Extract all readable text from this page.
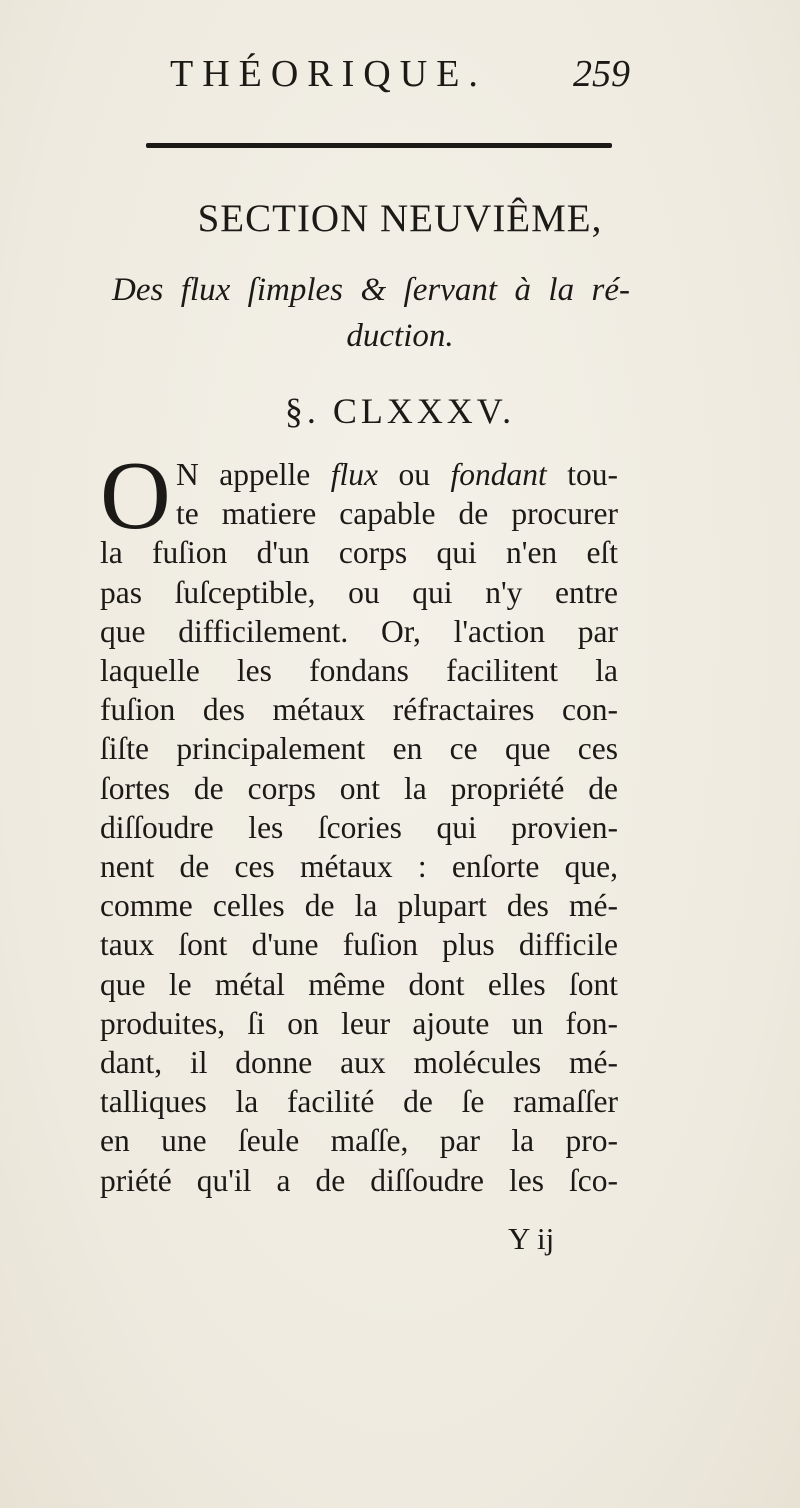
THÉORIQUE. 259
SECTION NEUVIÊME,
Des flux ſimples & ſervant à la ré-
duction.
§. CLXXXV.
O N appelle flux ou fondant tou-
te matiere capable de procurer
la fuſion d'un corps qui n'en eſt
pas ſuſceptible, ou qui n'y entre
que difficilement. Or, l'action par
laquelle les fondans facilitent la
fuſion des métaux réfractaires con-
ſiſte principalement en ce que ces
ſortes de corps ont la propriété de
diſſoudre les ſcories qui provien-
nent de ces métaux : enſorte que,
comme celles de la plupart des mé-
taux ſont d'une fuſion plus difficile
que le métal même dont elles ſont
produites, ſi on leur ajoute un fon-
dant, il donne aux molécules mé-
talliques la facilité de ſe ramaſſer
en une ſeule maſſe, par la pro-
priété qu'il a de diſſoudre les ſco-
Y ij
